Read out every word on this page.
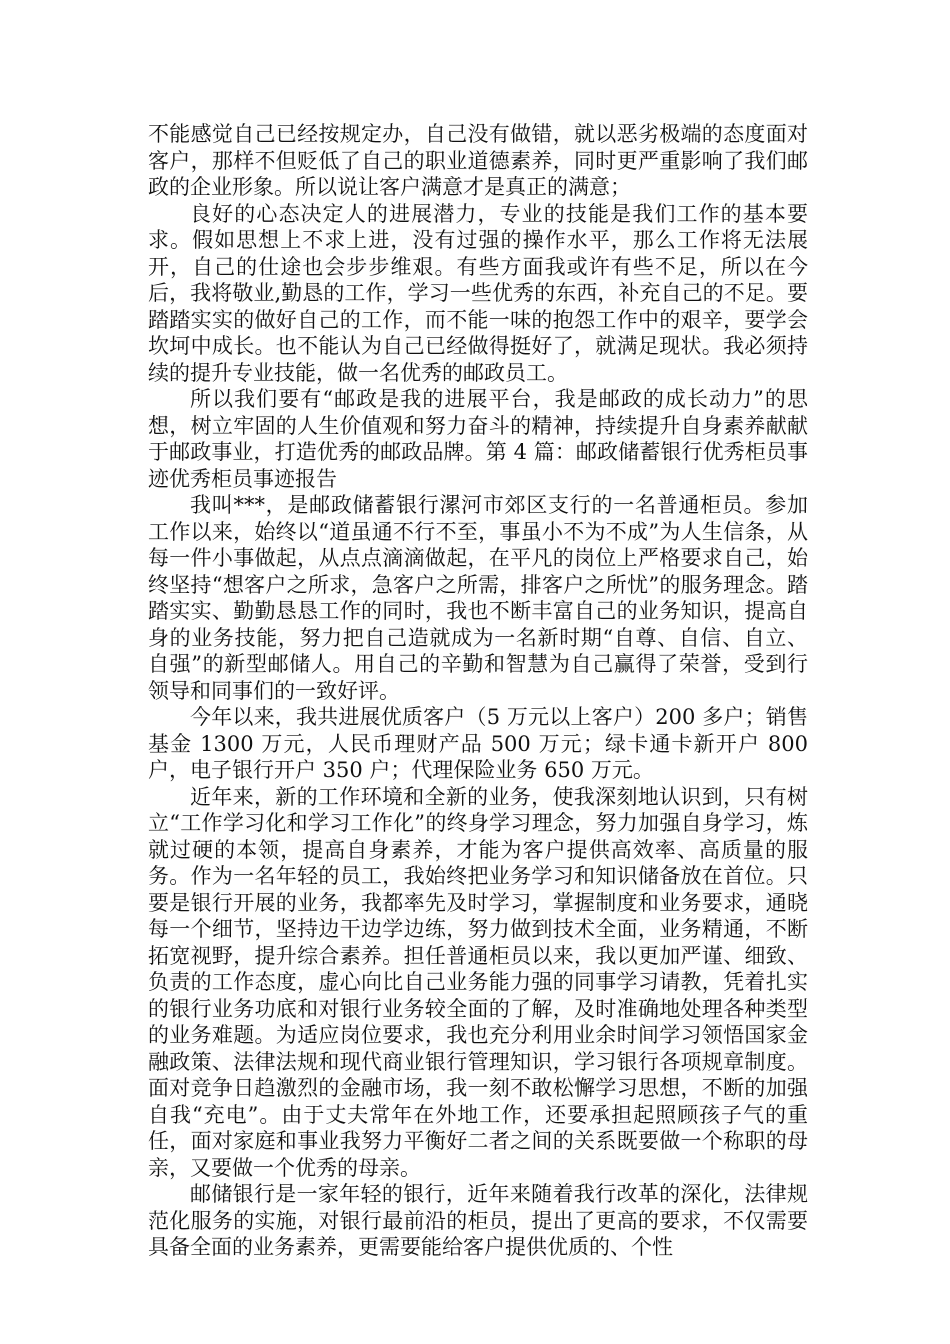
不能感觉自己已经按规定办，自己没有做错，就以恶劣极端的态度面对客户，那样不但贬低了自己的职业道德素养，同时更严重影响了我们邮政的企业形象。所以说让客户满意才是真正的满意；

良好的心态决定人的进展潜力，专业的技能是我们工作的基本要求。假如思想上不求上进，没有过强的操作水平，那么工作将无法展开，自己的仕途也会步步维艰。有些方面我或许有些不足，所以在今后，我将敬业,勤恳的工作，学习一些优秀的东西，补充自己的不足。要踏踏实实的做好自己的工作，而不能一味的抱怨工作中的艰辛，要学会坎坷中成长。也不能认为自己已经做得挺好了，就满足现状。我必须持续的提升专业技能，做一名优秀的邮政员工。

所以我们要有“邮政是我的进展平台，我是邮政的成长动力”的思想，树立牢固的人生价值观和努力奋斗的精神，持续提升自身素养献献于邮政事业，打造优秀的邮政品牌。第 4 篇：邮政储蓄银行优秀柜员事迹优秀柜员事迹报告

我叫***，是邮政储蓄银行漯河市郊区支行的一名普通柜员。参加工作以来，始终以“道虽通不行不至，事虽小不为不成”为人生信条，从每一件小事做起，从点点滴滴做起，在平凡的岗位上严格要求自己，始终坚持“想客户之所求，急客户之所需，排客户之所忧”的服务理念。踏踏实实、勤勤恳恳工作的同时，我也不断丰富自己的业务知识，提高自身的业务技能，努力把自己造就成为一名新时期“自尊、自信、自立、自强”的新型邮储人。用自己的辛勤和智慧为自己赢得了荣誉，受到行领导和同事们的一致好评。

今年以来，我共进展优质客户（5 万元以上客户）200 多户；销售基金 1300 万元，人民币理财产品 500 万元；绿卡通卡新开户 800 户，电子银行开户 350 户；代理保险业务 650 万元。

近年来，新的工作环境和全新的业务，使我深刻地认识到，只有树立“工作学习化和学习工作化”的终身学习理念，努力加强自身学习，炼就过硬的本领，提高自身素养，才能为客户提供高效率、高质量的服务。作为一名年轻的员工，我始终把业务学习和知识储备放在首位。只要是银行开展的业务，我都率先及时学习，掌握制度和业务要求，通晓每一个细节，坚持边干边学边练，努力做到技术全面，业务精通，不断拓宽视野，提升综合素养。担任普通柜员以来，我以更加严谨、细致、负责的工作态度，虚心向比自己业务能力强的同事学习请教，凭着扎实的银行业务功底和对银行业务较全面的了解，及时准确地处理各种类型的业务难题。为适应岗位要求，我也充分利用业余时间学习领悟国家金融政策、法律法规和现代商业银行管理知识，学习银行各项规章制度。面对竞争日趋激烈的金融市场，我一刻不敢松懈学习思想，不断的加强自我“充电”。由于丈夫常年在外地工作，还要承担起照顾孩子气的重任，面对家庭和事业我努力平衡好二者之间的关系既要做一个称职的母亲，又要做一个优秀的母亲。

邮储银行是一家年轻的银行，近年来随着我行改革的深化，法律规范化服务的实施，对银行最前沿的柜员，提出了更高的要求，不仅需要具备全面的业务素养，更需要能给客户提供优质的、个性
